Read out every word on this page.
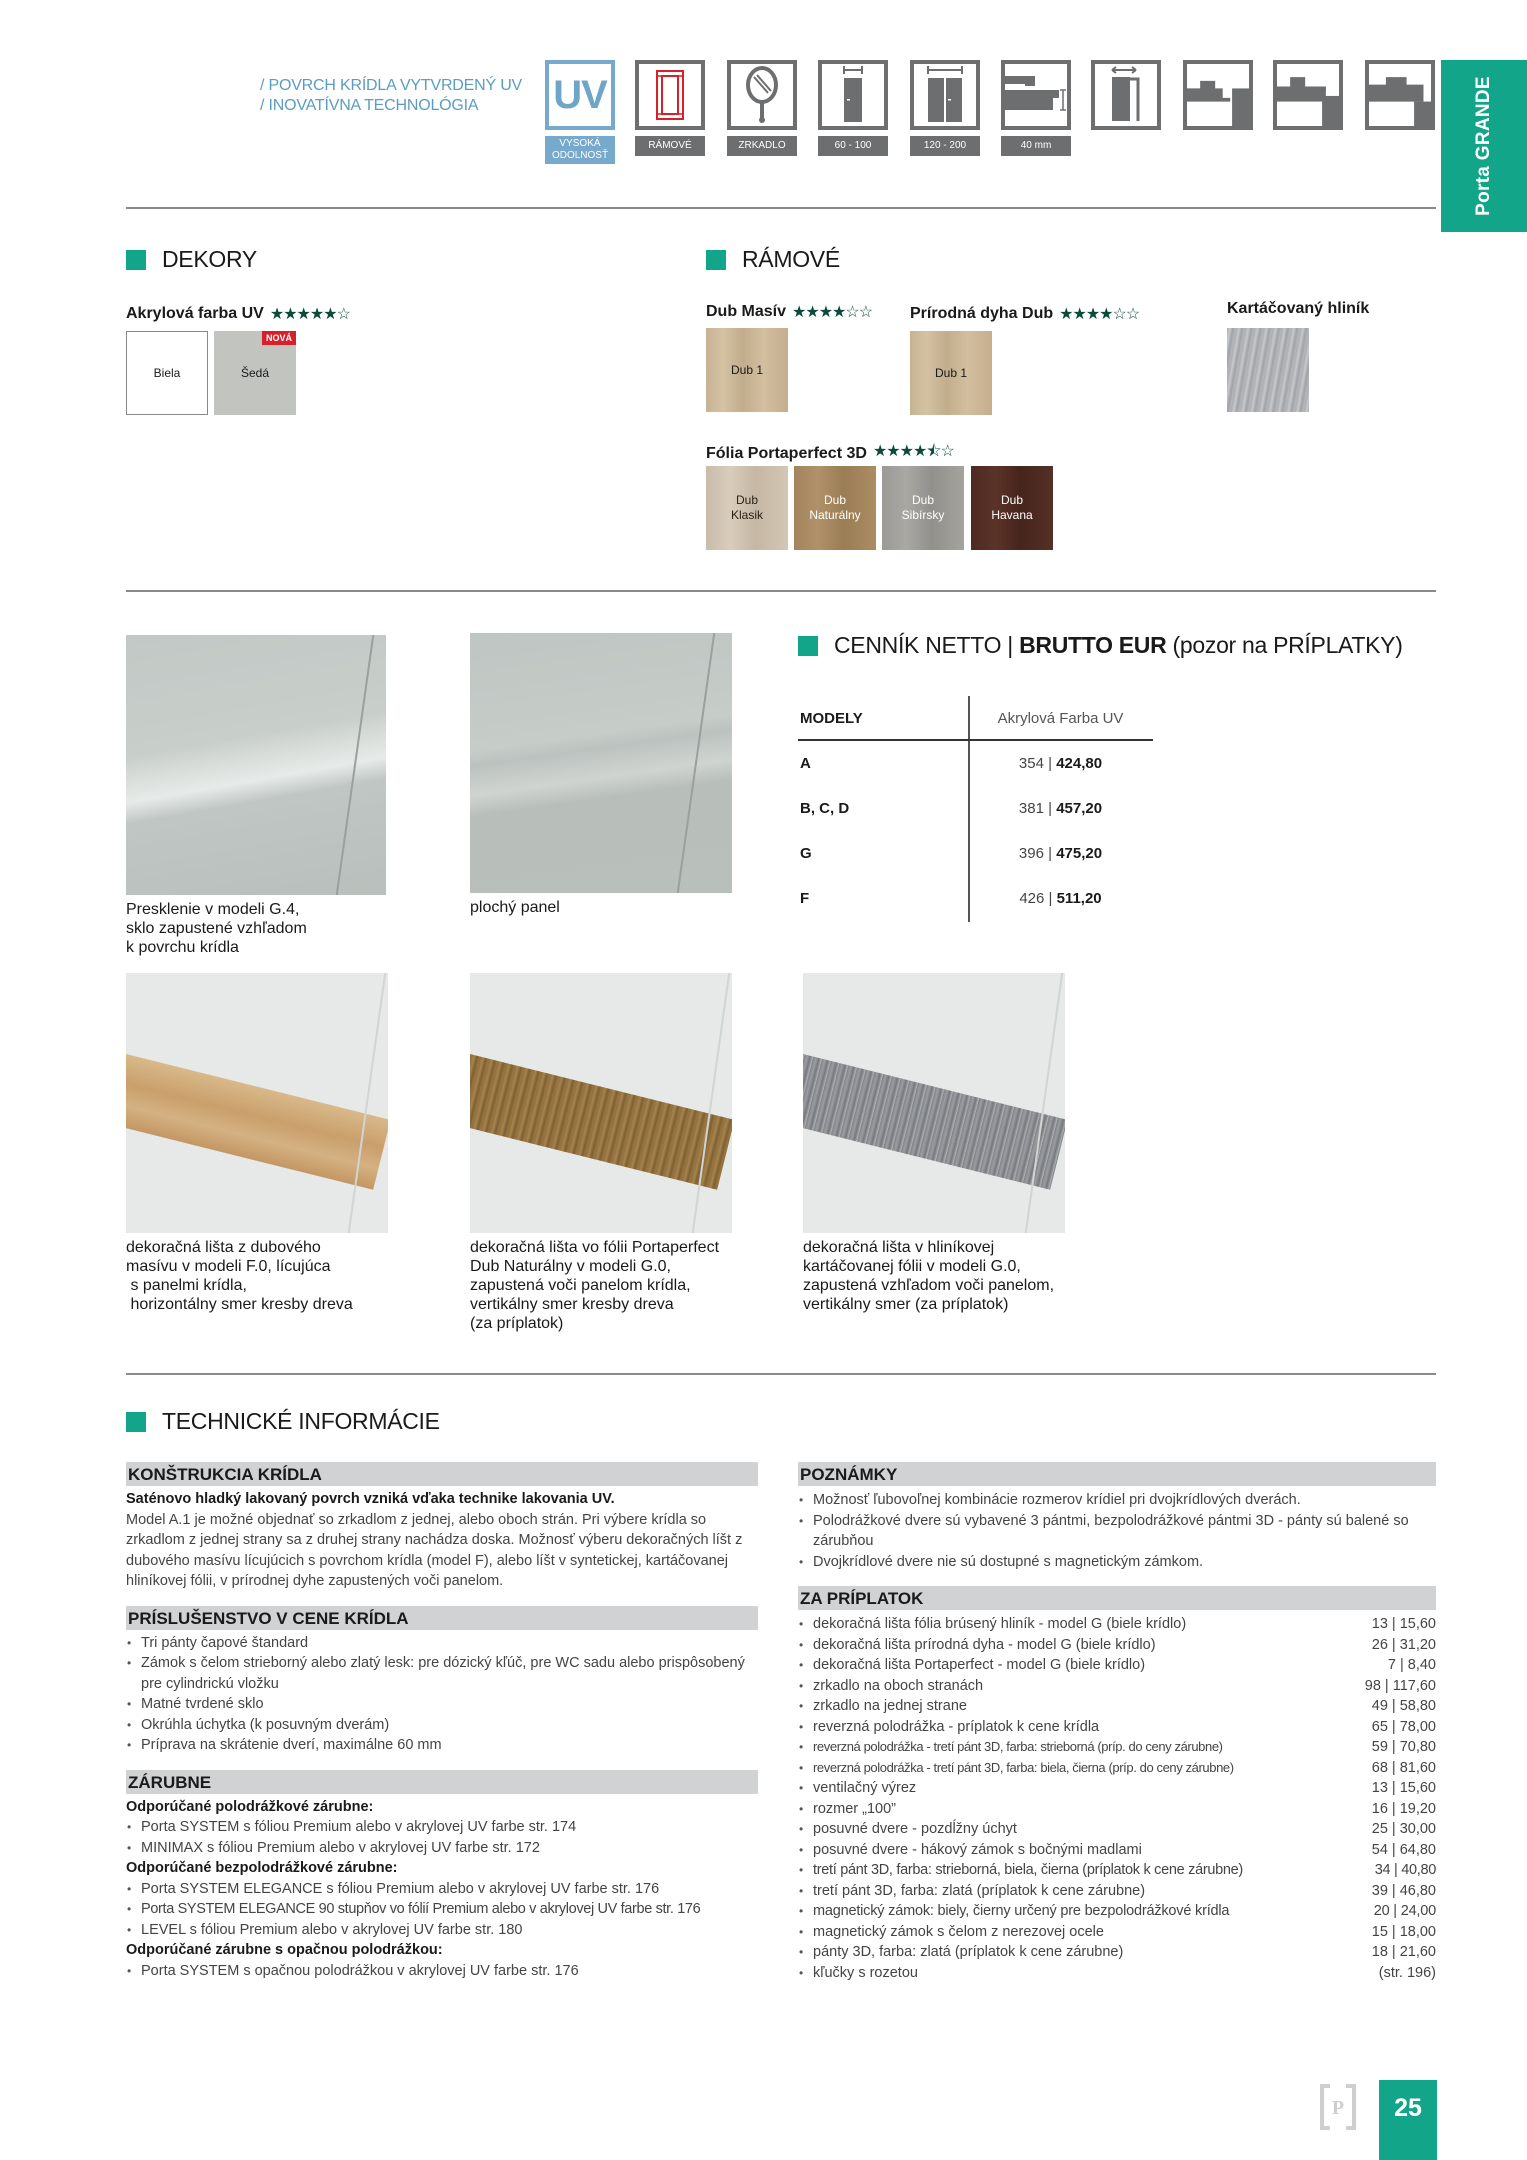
/ POVRCH KRÍDLA VYTVRDENÝ UV
/ INOVATÍVNA TECHNOLÓGIA	UV
VYSOKÁ
ODOLNOSŤ
RÁMOVÉ	ZRKADLO	60 - 100	120 - 200	40 mm	Porta GRANDE
DEKORY
Akrylová farba UV ★★★★★☆
Biela
NOVÁ
Šedá
RÁMOVÉ
Dub Masív ★★★★☆☆
Dub 1
Prírodná dyha Dub ★★★★☆☆
Dub 1
Kartáčovaný hliník
Fólia Portaperfect 3D ★★★★⯪☆
Dub
Klasik
Dub
Naturálny
Dub
Sibírsky
Dub
Havana
Presklenie v modeli G.4,
sklo zapustené vzhľadom
k povrchu krídla
plochý panel
CENNÍK NETTO | BRUTTO EUR (pozor na PRÍPLATKY)
MODELY	Akrylová Farba UV
A	354 | 424,80
B, C, D	381 | 457,20
G	396 | 475,20
F	426 | 511,20
dekoračná lišta z dubového
masívu v modeli F.0, lícujúca
s panelmi krídla,
horizontálny smer kresby dreva
dekoračná lišta vo fólii Portaperfect
Dub Naturálny v modeli G.0,
zapustená voči panelom krídla,
vertikálny smer kresby dreva
(za príplatok)
dekoračná lišta v hliníkovej
kartáčovanej fólii v modeli G.0,
zapustená vzhľadom voči panelom,
vertikálny smer (za príplatok)
TECHNICKÉ INFORMÁCIE
KONŠTRUKCIA KRÍDLA

Saténovo hladký lakovaný povrch vzniká vďaka technike lakovania UV.

Model A.1 je možné objednať so zrkadlom z jednej, alebo oboch strán. Pri výbere krídla so zrkadlom z jednej strany sa z druhej strany nachádza doska. Možnosť výberu dekoračných líšt z dubového masívu lícujúcich s povrchom krídla (model F), alebo líšt v syntetickej, kartáčovanej hliníkovej fólii, v prírodnej dyhe zapustených voči panelom.

PRÍSLUŠENSTVO V CENE KRÍDLA
• Tri pánty čapové štandard
• Zámok s čelom strieborný alebo zlatý lesk: pre dózický kľúč, pre WC sadu alebo prispôsobený pre cylindrickú vložku
• Matné tvrdené sklo
• Okrúhla úchytka (k posuvným dverám)
• Príprava na skrátenie dverí, maximálne 60 mm
ZÁRUBNE

Odporúčané polodrážkové zárubne:

• Porta SYSTEM s fóliou Premium alebo v akrylovej UV farbe str. 174
• MINIMAX s fóliou Premium alebo v akrylovej UV farbe str. 172

Odporúčané bezpolodrážkové zárubne:

• Porta SYSTEM ELEGANCE s fóliou Premium alebo v akrylovej UV farbe str. 176
• Porta SYSTEM ELEGANCE 90 stupňov vo fólií Premium alebo v akrylovej UV farbe str. 176
• LEVEL s fóliou Premium alebo v akrylovej UV farbe str. 180

Odporúčané zárubne s opačnou polodrážkou:

• Porta SYSTEM s opačnou polodrážkou v akrylovej UV farbe str. 176
POZNÁMKY
• Možnosť ľubovoľnej kombinácie rozmerov krídiel pri dvojkrídlových dverách.
• Polodrážkové dvere sú vybavené 3 pántmi, bezpolodrážkové pántmi 3D - pánty sú balené so zárubňou
• Dvojkrídlové dvere nie sú dostupné s magnetickým zámkom.
ZA PRÍPLATOK
• dekoračná lišta fólia brúsený hliník - model G (biele krídlo)	13 | 15,60
• dekoračná lišta prírodná dyha - model G (biele krídlo)	26 | 31,20
• dekoračná lišta Portaperfect - model G (biele krídlo)	7 | 8,40
• zrkadlo na oboch stranách	98 | 117,60
• zrkadlo na jednej strane	49 | 58,80
• reverzná polodrážka - príplatok k cene krídla	65 | 78,00
• reverzná polodrážka - tretí pánt 3D, farba: strieborná (príp. do ceny zárubne)	59 | 70,80
• reverzná polodrážka - tretí pánt 3D, farba: biela, čierna (príp. do ceny zárubne)	68 | 81,60
• ventilačný výrez	13 | 15,60
• rozmer „100”	16 | 19,20
• posuvné dvere - pozdĺžny úchyt	25 | 30,00
• posuvné dvere - hákový zámok s bočnými madlami	54 | 64,80
• tretí pánt 3D, farba: strieborná, biela, čierna (príplatok k cene zárubne)	34 | 40,80
• tretí pánt 3D, farba: zlatá (príplatok k cene zárubne)	39 | 46,80
• magnetický zámok: biely, čierny určený pre bezpolodrážkové krídla	20 | 24,00
• magnetický zámok s čelom z nerezovej ocele	15 | 18,00
• pánty 3D, farba: zlatá (príplatok k cene zárubne)	18 | 21,60
• kľučky s rozetou	(str. 196)
P	25
